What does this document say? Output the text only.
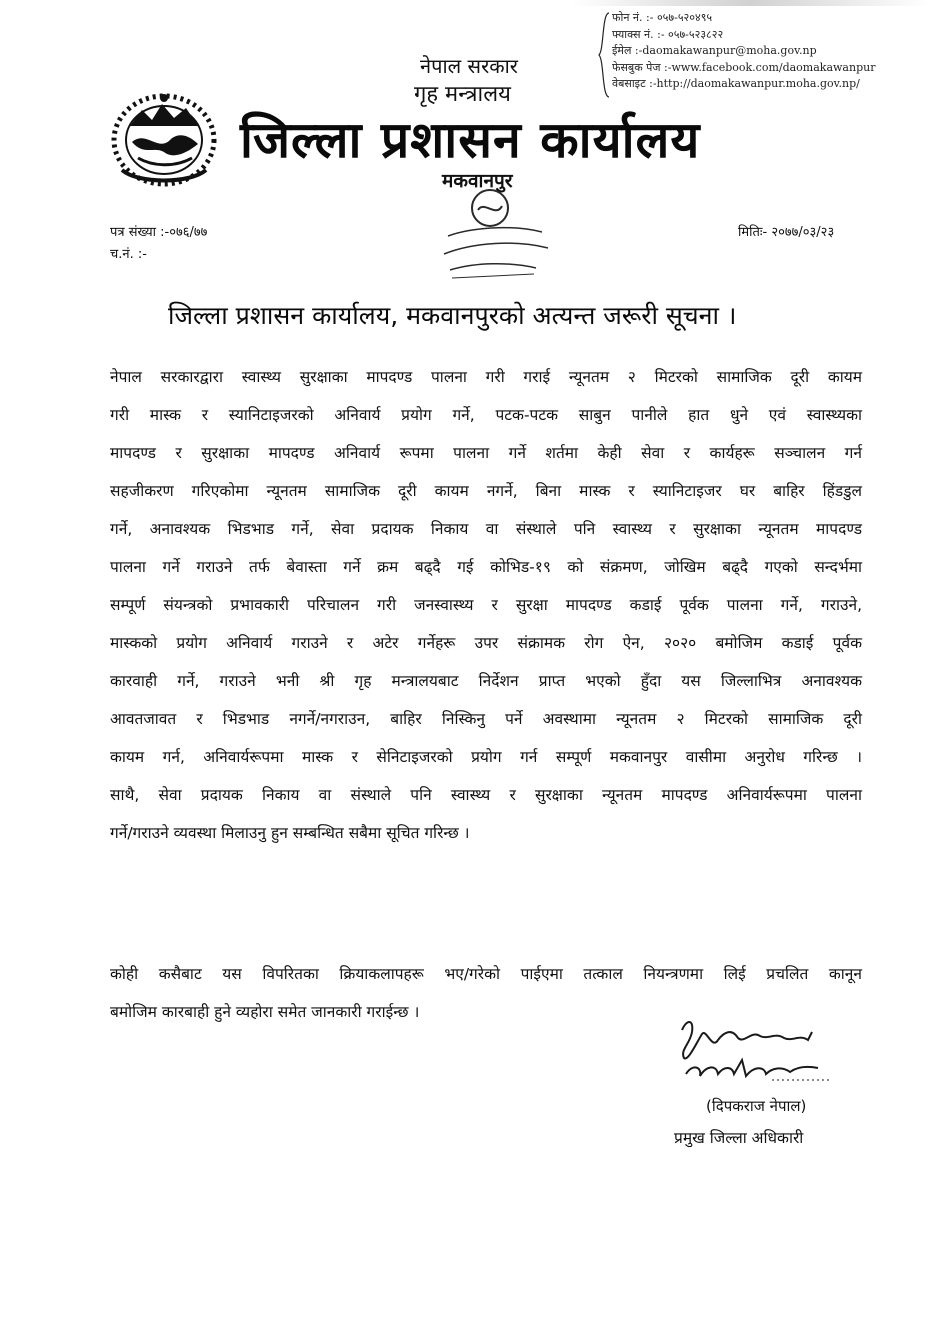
फोन नं. :- ०५७-५२०४९५
फ्याक्स नं. :- ०५७-५२३८२२
ईमेल :-daomakawanpur@moha.gov.np
फेसबुक पेज :-www.facebook.com/daomakawanpur
वेबसाइट :-http://daomakawanpur.moha.gov.np/
नेपाल सरकार
गृह मन्त्रालय
जिल्ला प्रशासन कार्यालय
मकवानपुर
पत्र संख्या :-०७६/७७
च.नं. :-
मितिः- २०७७/०३/२३
जिल्ला प्रशासन कार्यालय, मकवानपुरको अत्यन्त जरूरी सूचना ।
नेपाल सरकारद्वारा स्वास्थ्य सुरक्षाका मापदण्ड पालना गरी गराई न्यूनतम २ मिटरको सामाजिक दूरी कायम
गरी मास्क र स्यानिटाइजरको अनिवार्य प्रयोग गर्ने, पटक-पटक साबुन पानीले हात धुने एवं स्वास्थ्यका
मापदण्ड र सुरक्षाका मापदण्ड अनिवार्य रूपमा पालना गर्ने शर्तमा केही सेवा र कार्यहरू सञ्चालन गर्न
सहजीकरण गरिएकोमा न्यूनतम सामाजिक दूरी कायम नगर्ने, बिना मास्क र स्यानिटाइजर घर बाहिर हिंडडुल
गर्ने, अनावश्यक भिडभाड गर्ने, सेवा प्रदायक निकाय वा संस्थाले पनि स्वास्थ्य र सुरक्षाका न्यूनतम मापदण्ड
पालना गर्ने गराउने तर्फ बेवास्ता गर्ने क्रम बढ्दै गई कोभिड-१९ को संक्रमण, जोखिम बढ्दै गएको सन्दर्भमा
सम्पूर्ण संयन्त्रको प्रभावकारी परिचालन गरी जनस्वास्थ्य र सुरक्षा मापदण्ड कडाई पूर्वक पालना गर्ने, गराउने,
मास्कको प्रयोग अनिवार्य गराउने र अटेर गर्नेहरू उपर संक्रामक रोग ऐन, २०२० बमोजिम कडाई पूर्वक
कारवाही गर्ने, गराउने भनी श्री गृह मन्त्रालयबाट निर्देशन प्राप्त भएको हुँदा यस जिल्लाभित्र अनावश्यक
आवतजावत र भिडभाड नगर्ने/नगराउन, बाहिर निस्किनु पर्ने अवस्थामा न्यूनतम २ मिटरको सामाजिक दूरी
कायम गर्न, अनिवार्यरूपमा मास्क र सेनिटाइजरको प्रयोग गर्न सम्पूर्ण मकवानपुर वासीमा अनुरोध गरिन्छ ।
साथै, सेवा प्रदायक निकाय वा संस्थाले पनि स्वास्थ्य र सुरक्षाका न्यूनतम मापदण्ड अनिवार्यरूपमा पालना
गर्ने/गराउने व्यवस्था मिलाउनु हुन सम्बन्धित सबैमा सूचित गरिन्छ ।
कोही कसैबाट यस विपरितका क्रियाकलापहरू भए/गरेको पाईएमा तत्काल नियन्त्रणमा लिई प्रचलित कानून
बमोजिम कारबाही हुने व्यहोरा समेत जानकारी गराईन्छ ।
(दिपकराज नेपाल)
प्रमुख जिल्ला अधिकारी
